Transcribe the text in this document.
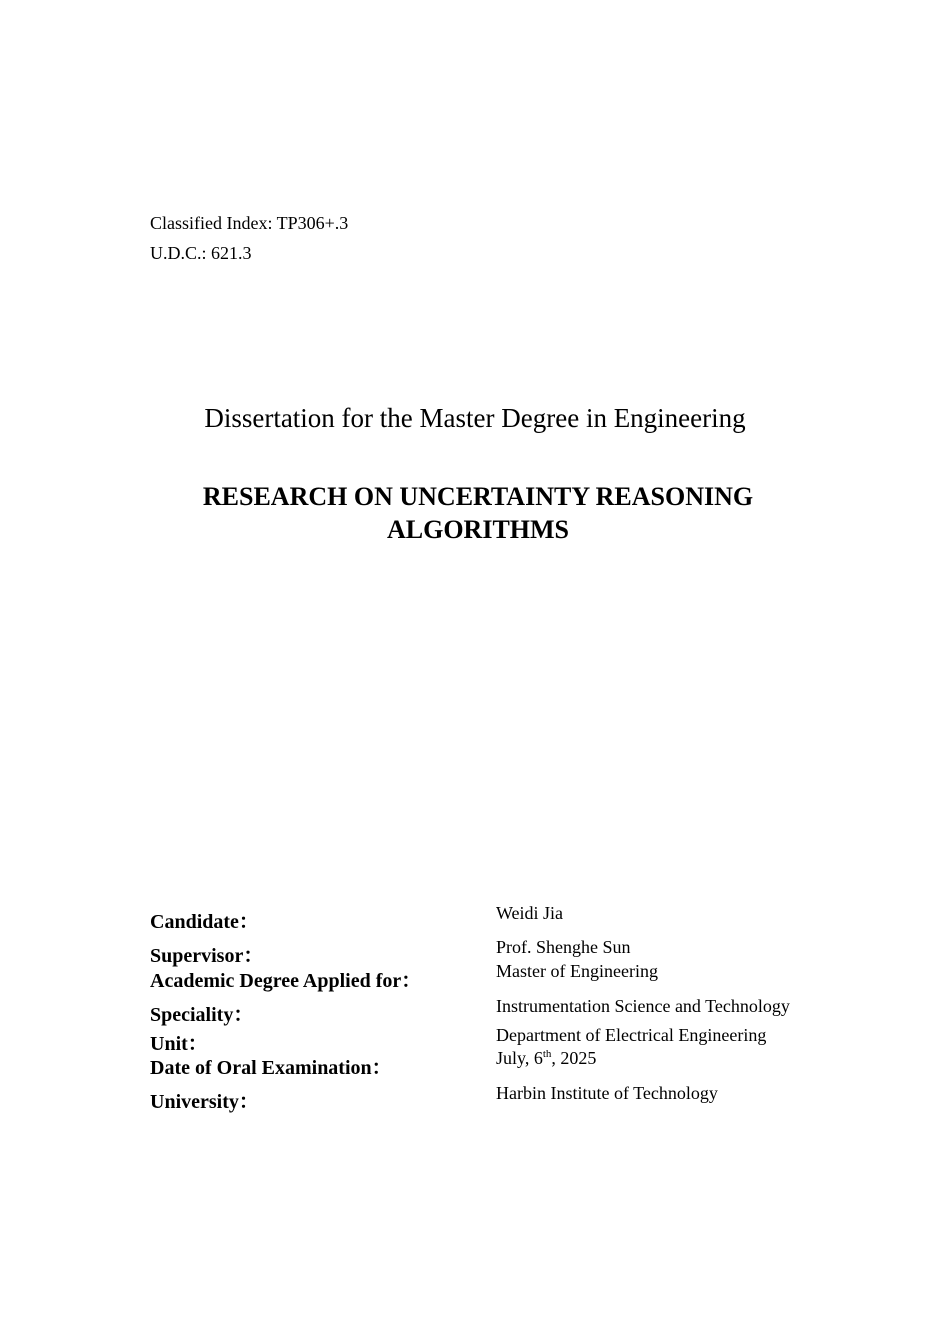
Classified Index: TP306+.3
U.D.C.: 621.3
Dissertation for the Master Degree in Engineering
RESEARCH ON UNCERTAINTY REASONING
ALGORITHMS
Candidate：	Weidi Jia
Supervisor：	Prof. Shenghe Sun
Academic Degree Applied for：	Master of Engineering
Speciality：	Instrumentation Science and Technology
Unit：	Department of Electrical Engineering
Date of Oral Examination：	July, 6th, 2025
University：	Harbin Institute of Technology
